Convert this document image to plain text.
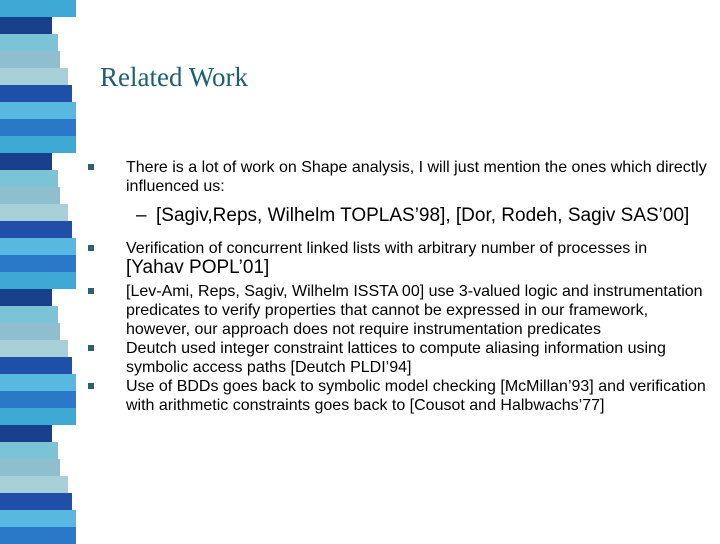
Related Work
There is a lot of work on Shape analysis, I will just mention the ones which directly influenced us:
– [Sagiv,Reps, Wilhelm TOPLAS’98], [Dor, Rodeh, Sagiv SAS’00]
Verification of concurrent linked lists with arbitrary number of processes in [Yahav POPL’01]
[Lev-Ami, Reps, Sagiv, Wilhelm ISSTA 00] use 3-valued logic and instrumentation predicates to verify properties that cannot be expressed in our framework, however, our approach does not require instrumentation predicates
Deutch used integer constraint lattices to compute aliasing information using symbolic access paths [Deutch PLDI’94]
Use of BDDs goes back to symbolic model checking [McMillan’93] and verification with arithmetic constraints goes back to [Cousot and Halbwachs’77]
